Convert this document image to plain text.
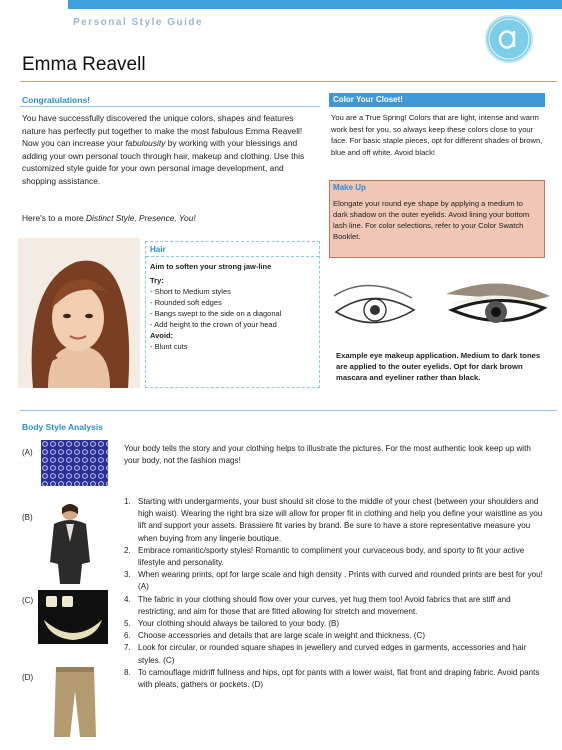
Personal Style Guide
Emma Reavell
Congratulations!
You have successfully discovered the unique colors, shapes and features nature has perfectly put together to make the most fabulous Emma Reavell! Now you can increase your fabulousity by working with your blessings and adding your own personal touch through hair, makeup and clothing. Use this customized style guide for your own personal image development, and shopping assistance.
Here's to a more Distinct Style, Presence, You!
Color Your Closet!
You are a True Spring! Colors that are light, intense and warm work best for you, so always keep these colors close to your face. For basic staple pieces, opt for different shades of brown, blue and off white. Avoid black!
Make Up
Elongate your round eye shape by applying a medium to dark shadow on the outer eyelids. Avoid lining your bottom lash line. For color selections, refer to your Color Swatch Booklet.
Hair
Aim to soften your strong jaw-line
Try:
- Short to Medium styles
- Rounded soft edges
- Bangs swept to the side on a diagonal
- Add height to the crown of your head
Avoid:
- Blunt cuts
Example eye makeup application. Medium to dark tones are applied to the outer eyelids. Opt for dark brown mascara and eyeliner rather than black.
Body Style Analysis
(A)
(B)
(C)
(D)
Your body tells the story and your clothing helps to illustrate the pictures. For the most authentic look keep up with your body, not the fashion mags!
1. Starting with undergarments, your bust should sit close to the middle of your chest (between your shoulders and high waist). Wearing the right bra size will allow for proper fit in clothing and help you define your waistline as you lift and support your assets. Brassiere fit varies by brand. Be sure to have a store representative measure you when buying from any lingerie boutique.
2. Embrace romantic/sporty styles! Romantic to compliment your curvaceous body, and sporty to fit your active lifestyle and personality.
3. When wearing prints, opt for large scale and high density . Prints with curved and rounded prints are best for you! (A)
4. The fabric in your clothing should flow over your curves, yet hug them too! Avoid fabrics that are stiff and restricting, and aim for those that are fitted allowing for stretch and movement.
5. Your clothing should always be tailored to your body. (B)
6. Choose accessories and details that are large scale in weight and thickness. (C)
7. Look for circular, or rounded square shapes in jewellery and curved edges in garments, accessories and hair styles. (C)
8. To camouflage midriff fullness and hips, opt for pants with a lower waist, flat front and draping fabric. Avoid pants with pleats, gathers or pockets. (D)
